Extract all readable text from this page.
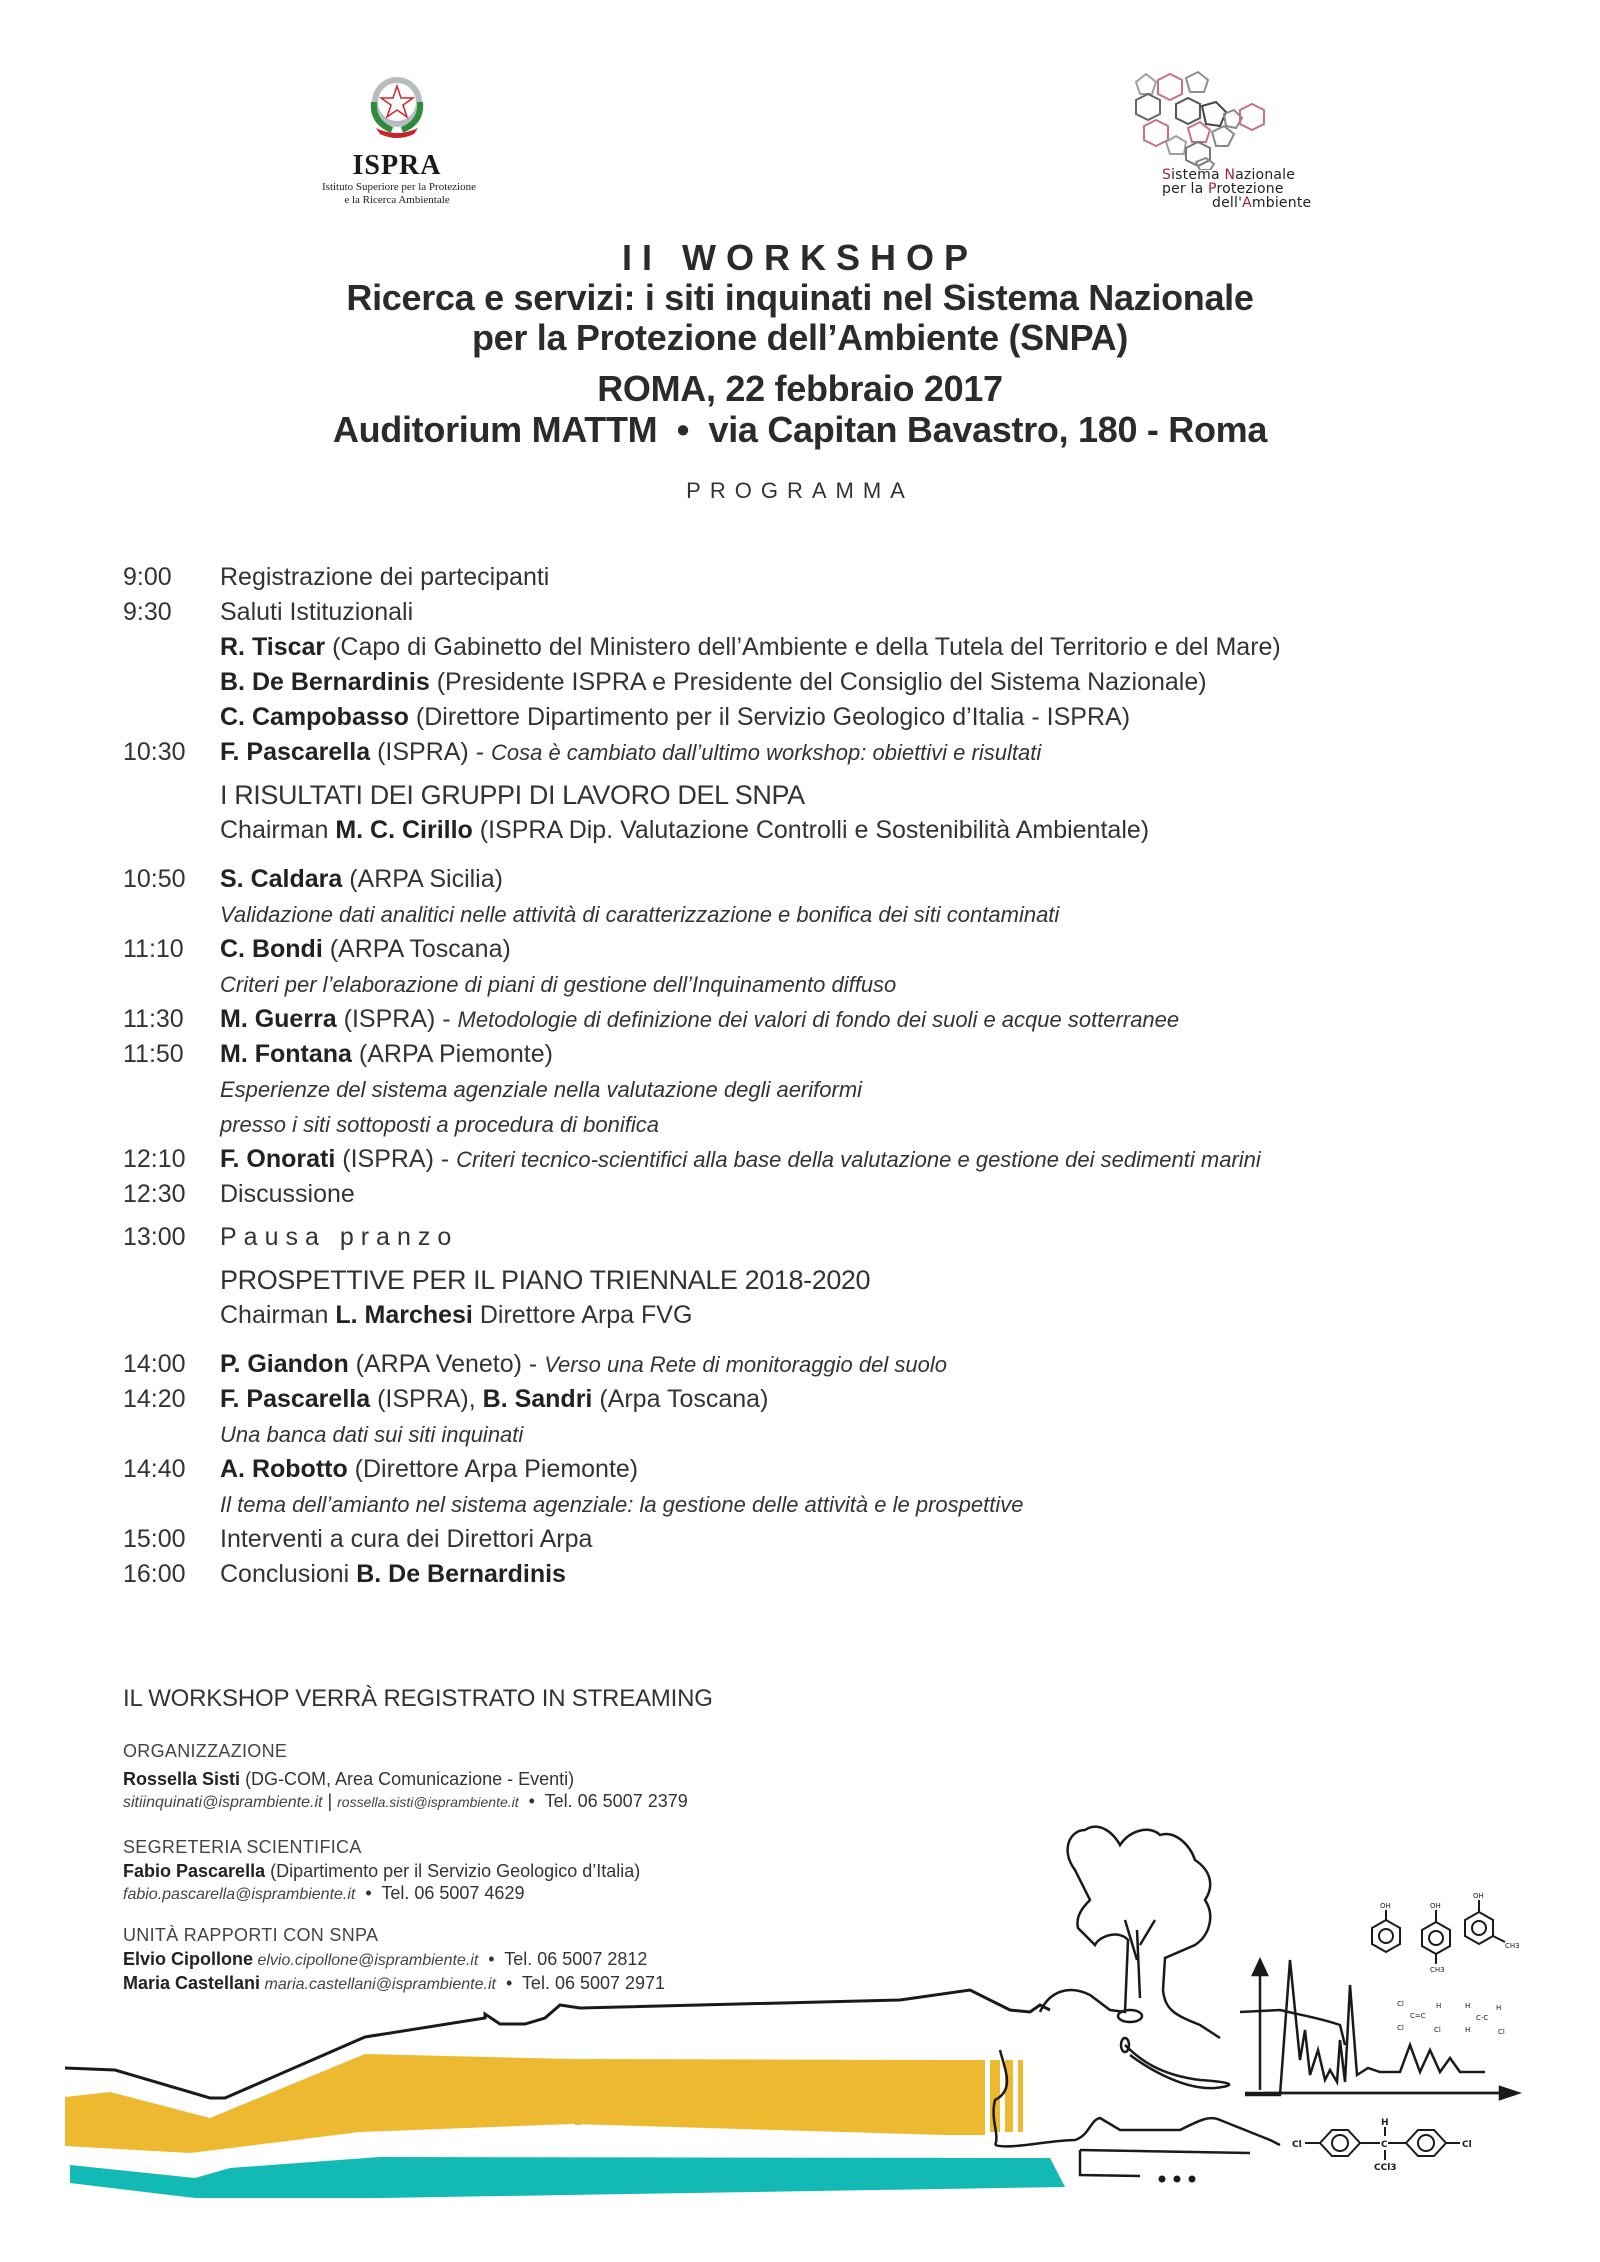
ISPRA
Istituto Superiore per la Protezione
e la Ricerca Ambientale
Sistema Nazionale
per la Protezione
dell'Ambiente
II WORKSHOP
Ricerca e servizi: i siti inquinati nel Sistema Nazionale
per la Protezione dell’Ambiente (SNPA)
ROMA, 22 febbraio 2017
Auditorium MATTM  •  via Capitan Bavastro, 180 - Roma
PROGRAMMA
9:00	Registrazione dei partecipanti
9:30	Saluti Istituzionali
R. Tiscar (Capo di Gabinetto del Ministero dell’Ambiente e della Tutela del Territorio e del Mare)
B. De Bernardinis (Presidente ISPRA e Presidente del Consiglio del Sistema Nazionale)
C. Campobasso (Direttore Dipartimento per il Servizio Geologico d’Italia - ISPRA)
10:30	F. Pascarella (ISPRA) - Cosa è cambiato dall’ultimo workshop: obiettivi e risultati
I RISULTATI DEI GRUPPI DI LAVORO DEL SNPA
Chairman M. C. Cirillo (ISPRA Dip. Valutazione Controlli e Sostenibilità Ambientale)
10:50	S. Caldara (ARPA Sicilia)
Validazione dati analitici nelle attività di caratterizzazione e bonifica dei siti contaminati
11:10	C. Bondi (ARPA Toscana)
Criteri per l’elaborazione di piani di gestione dell’Inquinamento diffuso
11:30	M. Guerra (ISPRA) - Metodologie di definizione dei valori di fondo dei suoli e acque sotterranee
11:50	M. Fontana (ARPA Piemonte)
Esperienze del sistema agenziale nella valutazione degli aeriformi
presso i siti sottoposti a procedura di bonifica
12:10	F. Onorati (ISPRA) - Criteri tecnico-scientifici alla base della valutazione e gestione dei sedimenti marini
12:30	Discussione
13:00	Pausa pranzo
PROSPETTIVE PER IL PIANO TRIENNALE 2018-2020
Chairman L. Marchesi Direttore Arpa FVG
14:00	P. Giandon (ARPA Veneto) - Verso una Rete di monitoraggio del suolo
14:20	F. Pascarella (ISPRA), B. Sandri (Arpa Toscana)
Una banca dati sui siti inquinati
14:40	A. Robotto (Direttore Arpa Piemonte)
Il tema dell’amianto nel sistema agenziale: la gestione delle attività e le prospettive
15:00	Interventi a cura dei Direttori Arpa
16:00	Conclusioni B. De Bernardinis
IL WORKSHOP VERRÀ REGISTRATO IN STREAMING
ORGANIZZAZIONE
Rossella Sisti (DG-COM, Area Comunicazione - Eventi)
sitiinquinati@isprambiente.it | rossella.sisti@isprambiente.it  •  Tel. 06 5007 2379
SEGRETERIA SCIENTIFICA
Fabio Pascarella (Dipartimento per il Servizio Geologico d’Italia)
fabio.pascarella@isprambiente.it  •  Tel. 06 5007 4629
UNITÀ RAPPORTI CON SNPA
Elvio Cipollone elvio.cipollone@isprambiente.it  •  Tel. 06 5007 2812
Maria Castellani maria.castellani@isprambiente.it  •  Tel. 06 5007 2971
OH	OH
OH
CH3
CH3
Cl
Cl
C=C
H
Cl
H
H
C-C
H
Cl
Cl
H
C
CCl3
Cl
